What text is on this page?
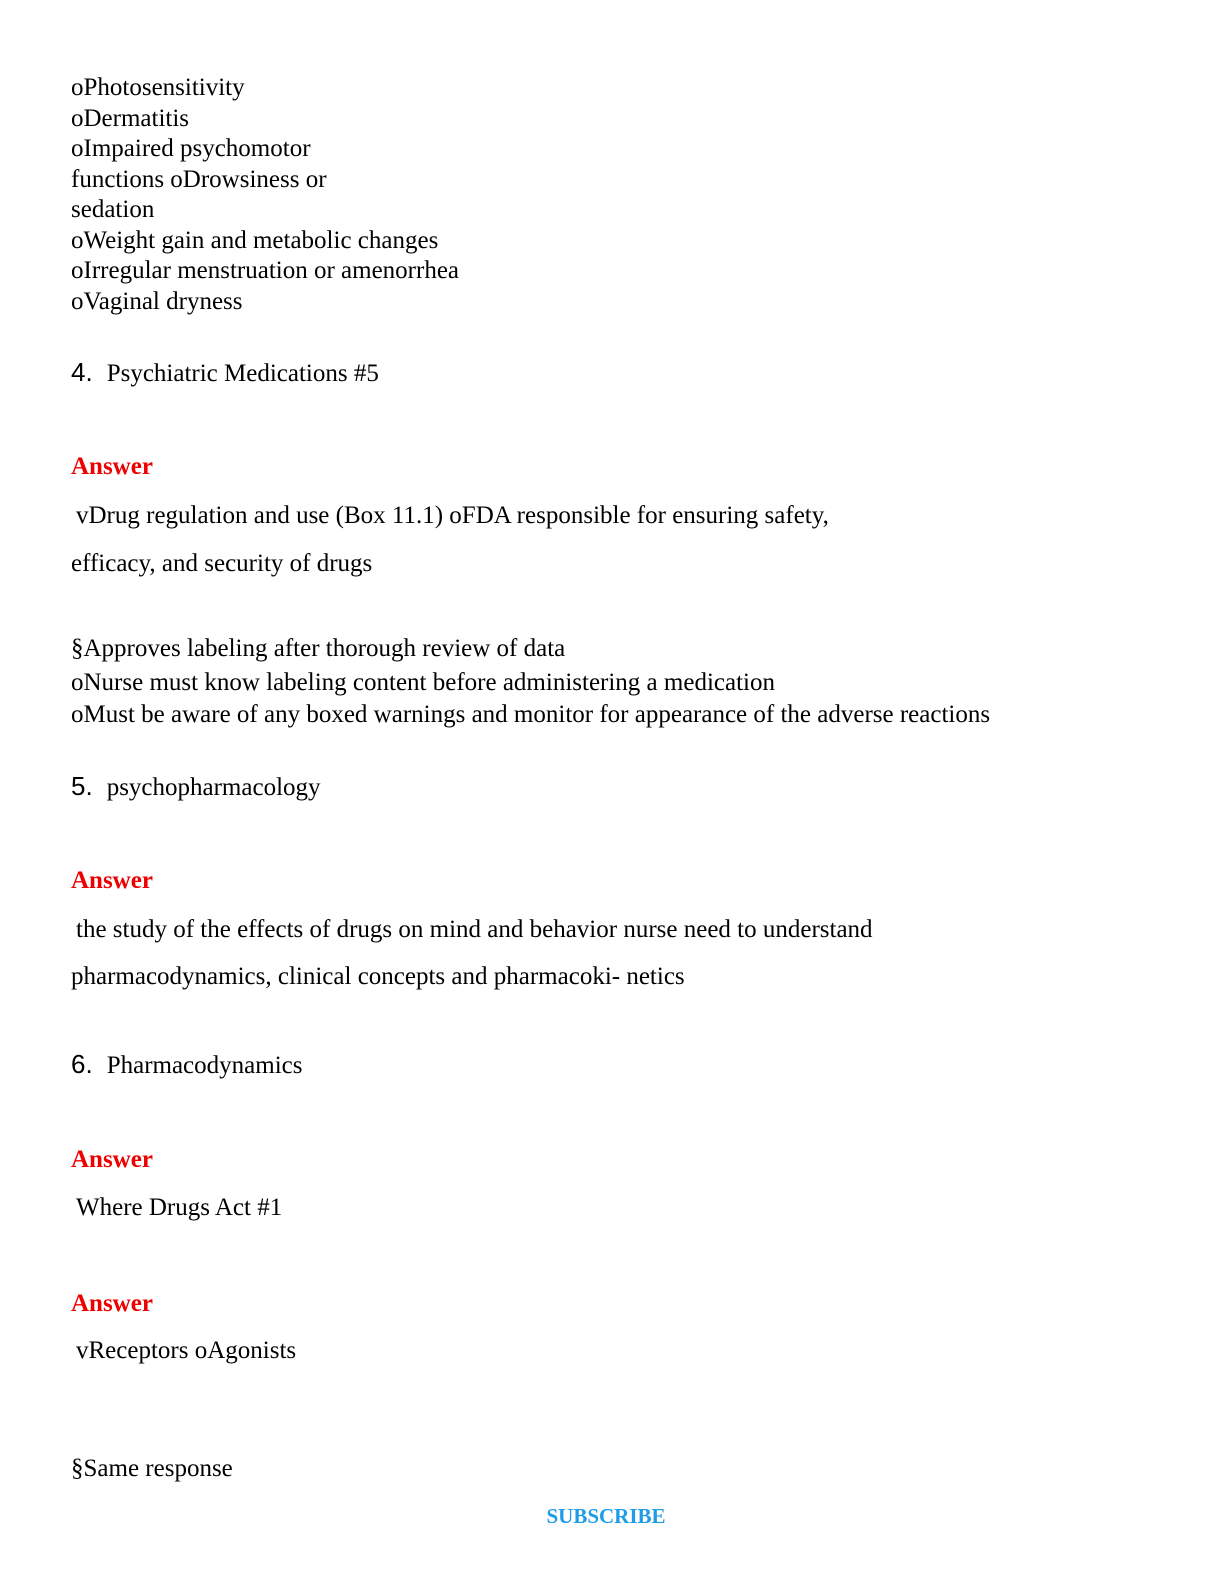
oPhotosensitivity
oDermatitis
oImpaired psychomotor
functions oDrowsiness or
sedation
oWeight gain and metabolic changes
oIrregular menstruation or amenorrhea
oVaginal dryness
4. Psychiatric Medications #5
Answer
vDrug regulation and use (Box 11.1) oFDA responsible for ensuring safety,
efficacy, and security of drugs
§Approves labeling after thorough review of data
oNurse must know labeling content before administering a medication
oMust be aware of any boxed warnings and monitor for appearance of the adverse reactions
5. psychopharmacology
Answer
the study of the effects of drugs on mind and behavior nurse need to understand
pharmacodynamics, clinical concepts and pharmacoki- netics
6. Pharmacodynamics
Answer
Where Drugs Act #1
Answer
vReceptors oAgonists
§Same response
SUBSCRIBE
